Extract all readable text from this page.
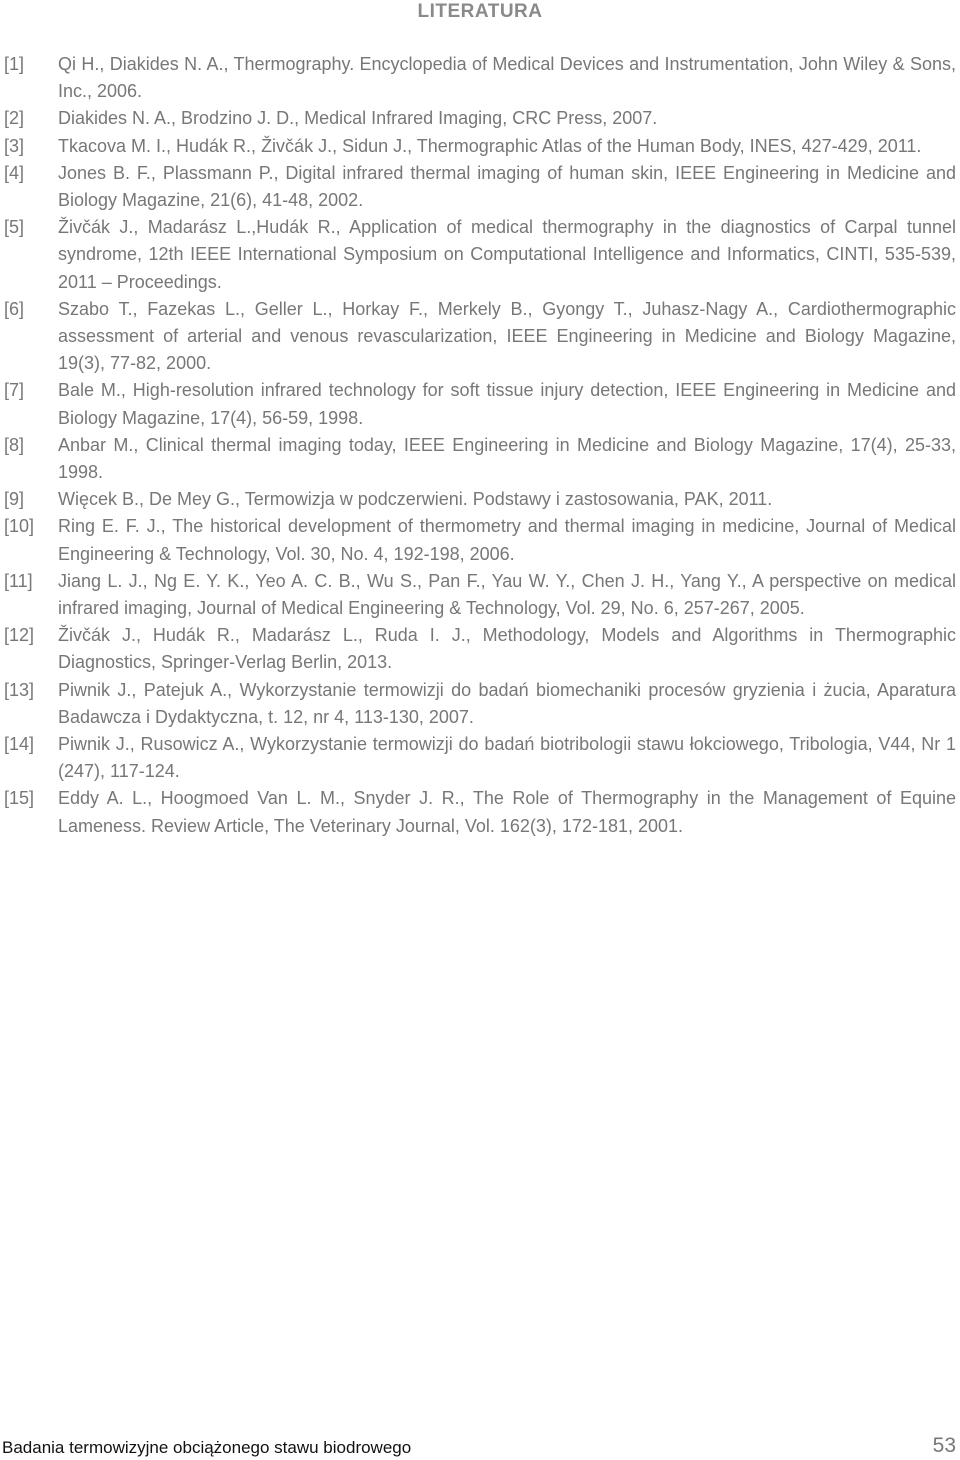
LITERATURA
[1] Qi H., Diakides N. A., Thermography. Encyclopedia of Medical Devices and Instrumentation, John Wiley & Sons, Inc., 2006.
[2] Diakides N. A., Brodzino J. D., Medical Infrared Imaging, CRC Press, 2007.
[3] Tkacova M. I., Hudák R., Živčák J., Sidun J., Thermographic Atlas of the Human Body, INES, 427-429, 2011.
[4] Jones B. F., Plassmann P., Digital infrared thermal imaging of human skin, IEEE Engineering in Medicine and Biology Magazine, 21(6), 41-48, 2002.
[5] Živčák J., Madarász L.,Hudák R., Application of medical thermography in the diagnostics of Carpal tunnel syndrome, 12th IEEE International Symposium on Computational Intelligence and Informatics, CINTI, 535-539, 2011 – Proceedings.
[6] Szabo T., Fazekas L., Geller L., Horkay F., Merkely B., Gyongy T., Juhasz-Nagy A., Cardiothermographic assessment of arterial and venous revascularization, IEEE Engineering in Medicine and Biology Magazine, 19(3), 77-82, 2000.
[7] Bale M., High-resolution infrared technology for soft tissue injury detection, IEEE Engineering in Medicine and Biology Magazine, 17(4), 56-59, 1998.
[8] Anbar M., Clinical thermal imaging today, IEEE Engineering in Medicine and Biology Magazine, 17(4), 25-33, 1998.
[9] Więcek B., De Mey G., Termowizja w podczerwieni. Podstawy i zastosowania, PAK, 2011.
[10] Ring E. F. J., The historical development of thermometry and thermal imaging in medicine, Journal of Medical Engineering & Technology, Vol. 30, No. 4, 192-198, 2006.
[11] Jiang L. J., Ng E. Y. K., Yeo A. C. B., Wu S., Pan F., Yau W. Y., Chen J. H., Yang Y., A perspective on medical infrared imaging, Journal of Medical Engineering & Technology, Vol. 29, No. 6, 257-267, 2005.
[12] Živčák J., Hudák R., Madarász L., Ruda I. J., Methodology, Models and Algorithms in Thermographic Diagnostics, Springer-Verlag Berlin, 2013.
[13] Piwnik J., Patejuk A., Wykorzystanie termowizji do badań biomechaniki procesów gryzienia i żucia, Aparatura Badawcza i Dydaktyczna, t. 12, nr 4, 113-130, 2007.
[14] Piwnik J., Rusowicz A., Wykorzystanie termowizji do badań biotribologii stawu łokciowego, Tribologia, V44, Nr 1 (247), 117-124.
[15] Eddy A. L., Hoogmoed Van L. M., Snyder J. R., The Role of Thermography in the Management of Equine Lameness. Review Article, The Veterinary Journal, Vol. 162(3), 172-181, 2001.
Badania termowizyjne obciążonego stawu biodrowego	53
